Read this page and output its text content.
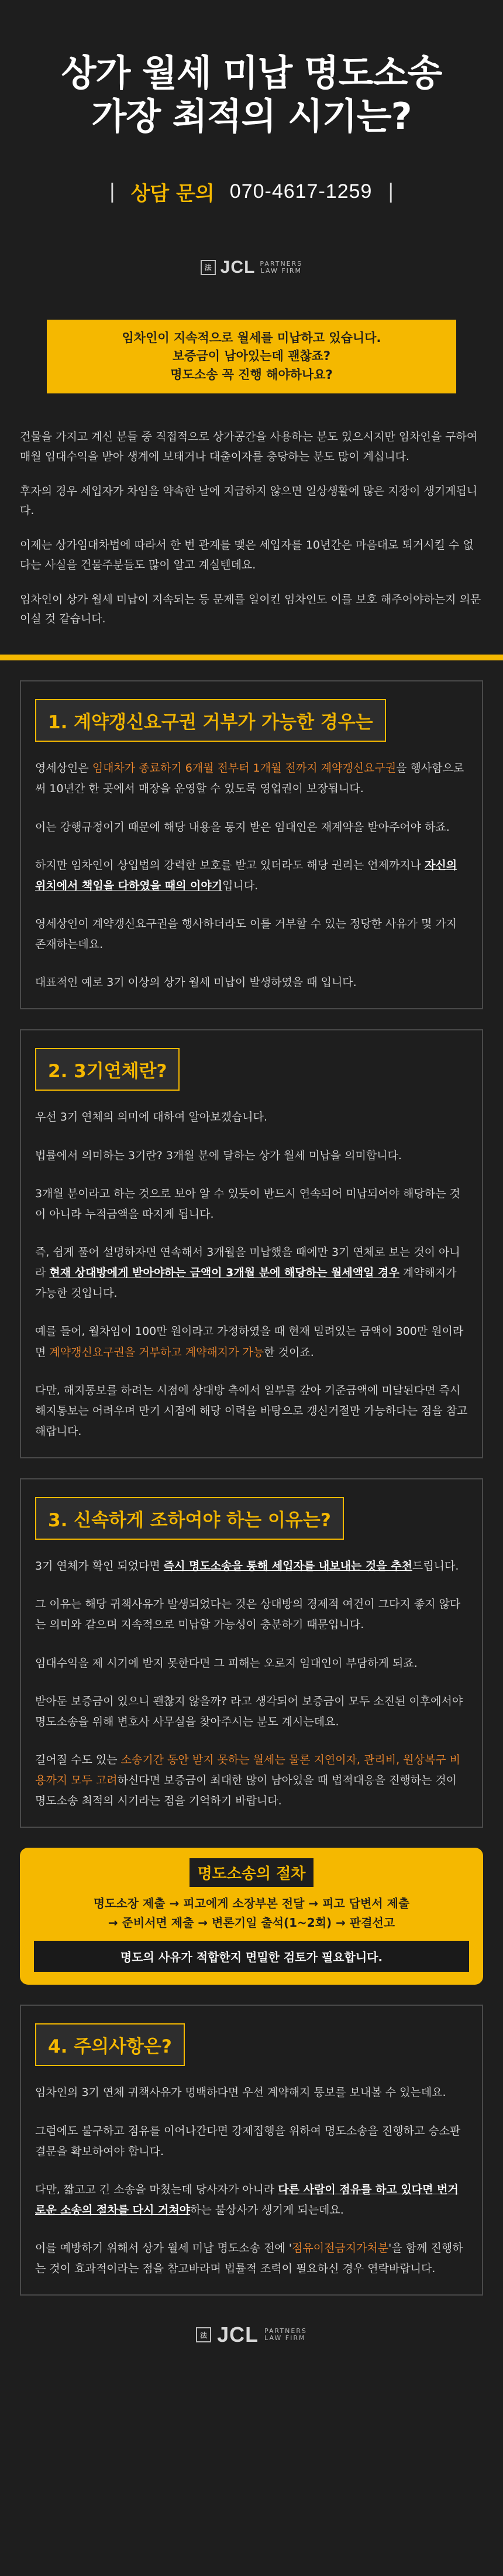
상가 월세 미납 명도소송
가장 최적의 시기는?
| 상담 문의 070-4617-1259 |
法 JCL PARTNERS
LAW FIRM
임차인이 지속적으로 월세를 미납하고 있습니다.
보증금이 남아있는데 괜찮죠?
명도소송 꼭 진행 해야하나요?

건물을 가지고 계신 분들 중 직접적으로 상가공간을 사용하는 분도 있으시지만 임차인을 구하여 매월 임대수익을 받아 생계에 보태거나 대출이자를 충당하는 분도 많이 계십니다.

후자의 경우 세입자가 차임을 약속한 날에 지급하지 않으면 일상생활에 많은 지장이 생기게됩니다.

이제는 상가임대차법에 따라서 한 번 관계를 맺은 세입자를 10년간은 마음대로 퇴거시킬 수 없다는 사실을 건물주분들도 많이 알고 계실텐데요.

임차인이 상가 월세 미납이 지속되는 등 문제를 일이킨 임차인도 이를 보호 해주어야하는지 의문이실 것 같습니다.

1. 계약갱신요구권 거부가 가능한 경우는

영세상인은 임대차가 종료하기 6개월 전부터 1개월 전까지 계약갱신요구권을 행사함으로써 10년간 한 곳에서 매장을 운영할 수 있도록 영업권이 보장됩니다.

이는 강행규정이기 때문에 해당 내용을 통지 받은 임대인은 재계약을 받아주어야 하죠.

하지만 임차인이 상입법의 강력한 보호를 받고 있더라도 해당 권리는 언제까지나 자신의 위치에서 책임을 다하였을 때의 이야기입니다.

영세상인이 계약갱신요구권을 행사하더라도 이를 거부할 수 있는 정당한 사유가 몇 가지 존재하는데요.

대표적인 예로 3기 이상의 상가 월세 미납이 발생하였을 때 입니다.

2. 3기연체란?

우선 3기 연체의 의미에 대하여 알아보겠습니다.

법률에서 의미하는 3기란? 3개월 분에 달하는 상가 월세 미납을 의미합니다.

3개월 분이라고 하는 것으로 보아 알 수 있듯이 반드시 연속되어 미납되어야 해당하는 것이 아니라 누적금액을 따지게 됩니다.

즉, 쉽게 풀어 설명하자면 연속해서 3개월을 미납했을 때에만 3기 연체로 보는 것이 아니라 현재 상대방에게 받아야하는 금액이 3개월 분에 해당하는 월세액일 경우 계약해지가 가능한 것입니다.

예를 들어, 월차임이 100만 원이라고 가정하였을 때 현재 밀려있는 금액이 300만 원이라면 계약갱신요구권을 거부하고 계약해지가 가능한 것이죠.

다만, 해지통보를 하려는 시점에 상대방 측에서 일부를 갚아 기준금액에 미달된다면 즉시 해지통보는 어려우며 만기 시점에 해당 이력을 바탕으로 갱신거절만 가능하다는 점을 참고해랍니다.

3. 신속하게 조하여야 하는 이유는?

3기 연체가 확인 되었다면 즉시 명도소송을 통해 세입자를 내보내는 것을 추천드립니다.

그 이유는 해당 귀책사유가 발생되었다는 것은 상대방의 경제적 여건이 그다지 좋지 않다는 의미와 같으며 지속적으로 미납할 가능성이 충분하기 때문입니다.

임대수익을 제 시기에 받지 못한다면 그 피해는 오로지 임대인이 부담하게 되죠.

받아둔 보증금이 있으니 괜찮지 않을까? 라고 생각되어 보증금이 모두 소진된 이후에서야 명도소송을 위해 변호사 사무실을 찾아주시는 분도 계시는데요.

길어질 수도 있는 소송기간 동안 받지 못하는 월세는 물론 지연이자, 관리비, 원상복구 비용까지 모두 고려하신다면 보증금이 최대한 많이 남아있을 때 법적대응을 진행하는 것이 명도소송 최적의 시기라는 점을 기억하기 바랍니다.

명도소송의 절차
명도소장 제출 → 피고에게 소장부본 전달 → 피고 답변서 제출
→ 준비서면 제출 → 변론기일 출석(1~2회) → 판결선고
명도의 사유가 적합한지 면밀한 검토가 필요합니다.
4. 주의사항은?

임차인의 3기 연체 귀책사유가 명백하다면 우선 계약해지 통보를 보내볼 수 있는데요.

그럼에도 불구하고 점유를 이어나간다면 강제집행을 위하여 명도소송을 진행하고 승소판결문을 확보하여야 합니다.

다만, 짧고고 긴 소송을 마쳤는데 당사자가 아니라 다른 사람이 점유를 하고 있다면 번거로운 소송의 절차를 다시 거쳐야하는 불상사가 생기게 되는데요.

이를 예방하기 위해서 상가 월세 미납 명도소송 전에 '점유이전금지가처분'을 함께 진행하는 것이 효과적이라는 점을 참고바라며 법률적 조력이 필요하신 경우 연락바랍니다.

法 JCL PARTNERS
LAW FIRM
